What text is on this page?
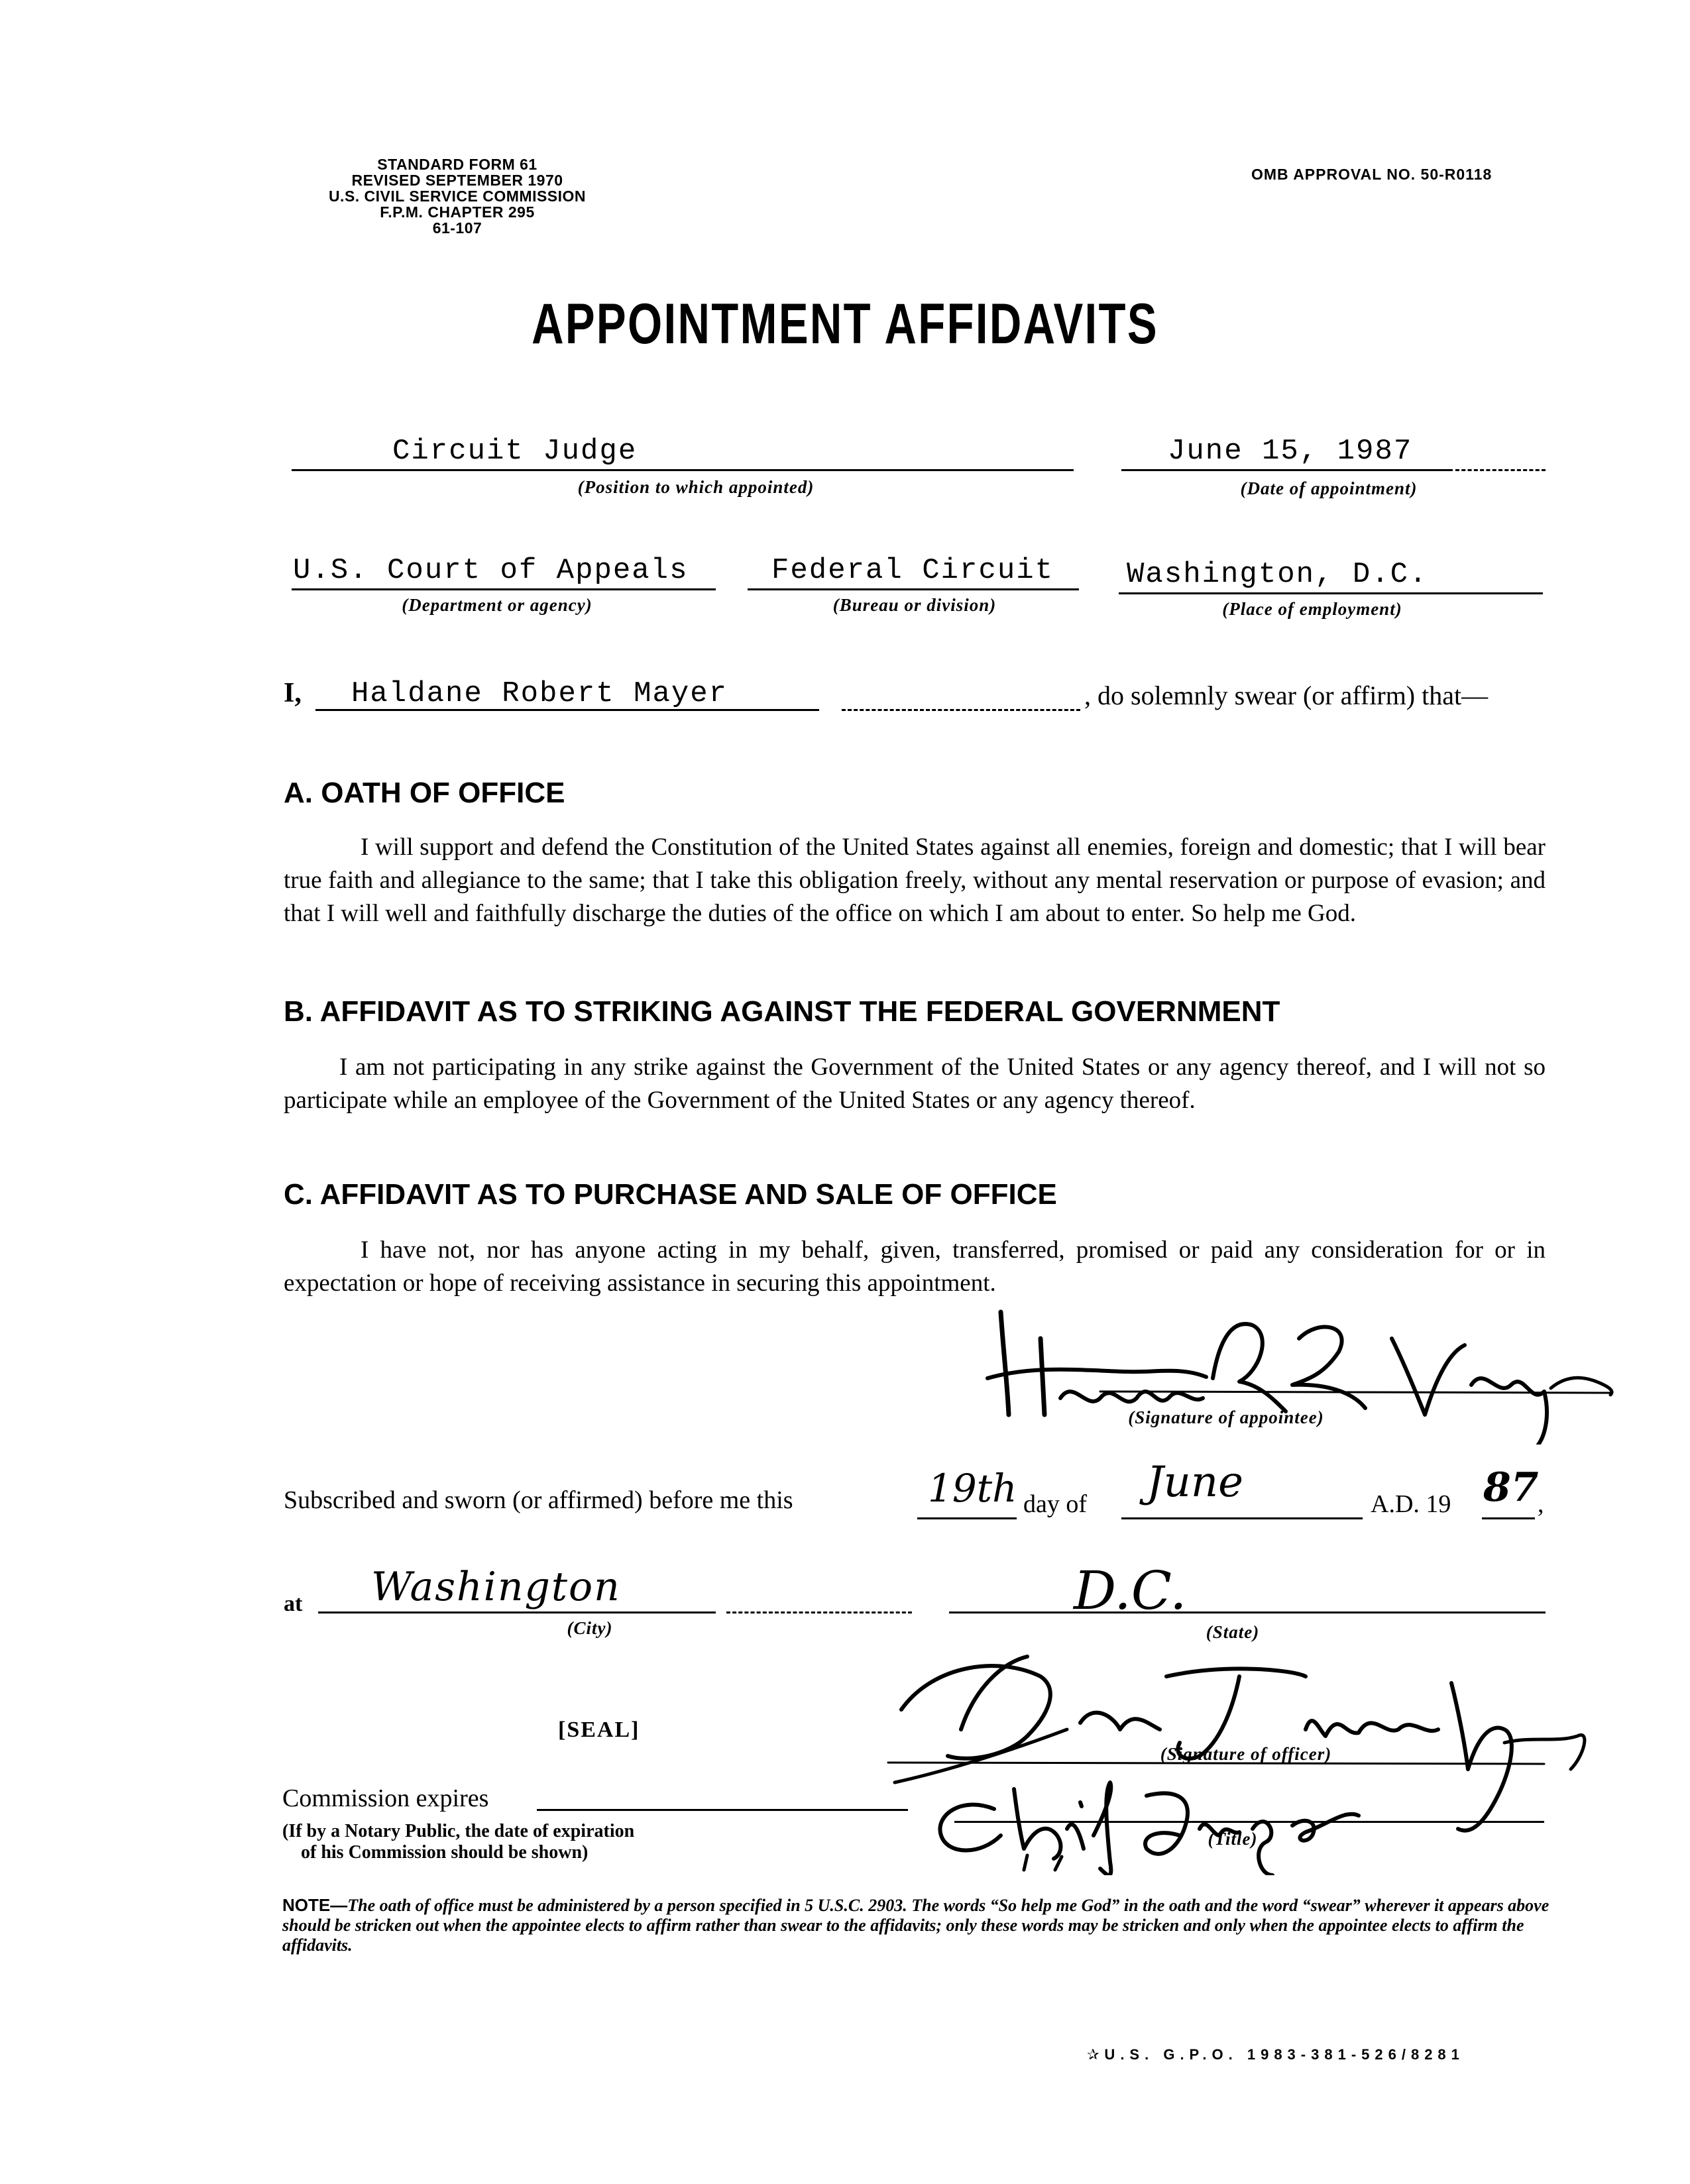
STANDARD FORM 61
REVISED SEPTEMBER 1970
U.S. CIVIL SERVICE COMMISSION
F.P.M. CHAPTER 295
61-107
OMB APPROVAL NO. 50-R0118
APPOINTMENT AFFIDAVITS
Circuit Judge
(Position to which appointed)
June 15, 1987
(Date of appointment)
U.S. Court of Appeals
(Department or agency)
Federal Circuit
(Bureau or division)
Washington, D.C.
(Place of employment)
I, Haldane Robert Mayer	, do solemnly swear (or affirm) that—
A. OATH OF OFFICE
I will support and defend the Constitution of the United States against all enemies, foreign and domestic; that I will bear true faith and allegiance to the same; that I take this obligation freely, without any mental reservation or purpose of evasion; and that I will well and faithfully discharge the duties of the office on which I am about to enter. So help me God.
B. AFFIDAVIT AS TO STRIKING AGAINST THE FEDERAL GOVERNMENT
I am not participating in any strike against the Government of the United States or any agency thereof, and I will not so participate while an employee of the Government of the United States or any agency thereof.
C. AFFIDAVIT AS TO PURCHASE AND SALE OF OFFICE
I have not, nor has anyone acting in my behalf, given, transferred, promised or paid any consideration for or in expectation or hope of receiving assistance in securing this appointment.
(Signature of appointee)
Subscribed and sworn (or affirmed) before me this	19th day of June	A.D. 19 87
,
at Washington
(City)
D.C.
(State)
[SEAL]
(Signature of officer)
(Title)
Commission expires
(If by a Notary Public, the date of expiration
of his Commission should be shown)
NOTE—The oath of office must be administered by a person specified in 5 U.S.C. 2903. The words “So help me God” in the oath and the word “swear” wherever it appears above should be stricken out when the appointee elects to affirm rather than swear to the affidavits; only these words may be stricken and only when the appointee elects to affirm the affidavits.
✰U.S. G.P.O. 1983-381-526/8281
